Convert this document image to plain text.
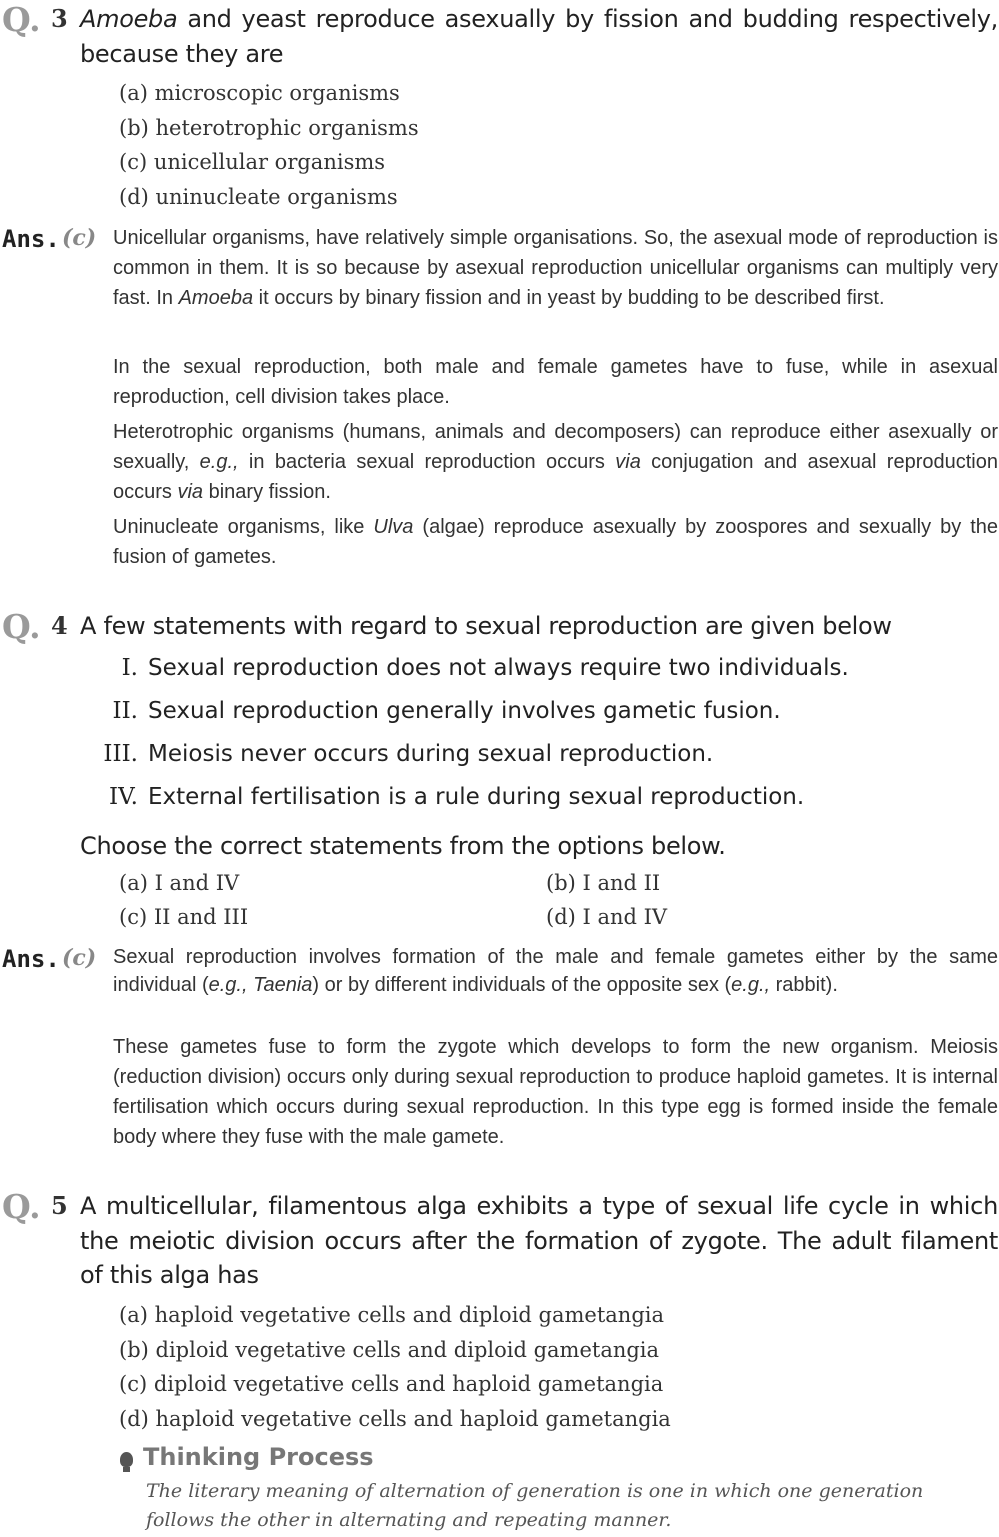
Q. 3 Amoeba and yeast reproduce asexually by fission and budding respectively, because they are
(a) microscopic organisms
(b) heterotrophic organisms
(c) unicellular organisms
(d) uninucleate organisms
Ans. (c) Unicellular organisms, have relatively simple organisations. So, the asexual mode of reproduction is common in them. It is so because by asexual reproduction unicellular organisms can multiply very fast. In Amoeba it occurs by binary fission and in yeast by budding to be described first.
In the sexual reproduction, both male and female gametes have to fuse, while in asexual reproduction, cell division takes place.
Heterotrophic organisms (humans, animals and decomposers) can reproduce either asexually or sexually, e.g., in bacteria sexual reproduction occurs via conjugation and asexual reproduction occurs via binary fission.
Uninucleate organisms, like Ulva (algae) reproduce asexually by zoospores and sexually by the fusion of gametes.
Q. 4 A few statements with regard to sexual reproduction are given below
I. Sexual reproduction does not always require two individuals.
II. Sexual reproduction generally involves gametic fusion.
III. Meiosis never occurs during sexual reproduction.
IV. External fertilisation is a rule during sexual reproduction.
Choose the correct statements from the options below.
(a) I and IV	(b) I and II
(c) II and III	(d) I and IV
Ans. (c) Sexual reproduction involves formation of the male and female gametes either by the same individual (e.g., Taenia) or by different individuals of the opposite sex (e.g., rabbit).
These gametes fuse to form the zygote which develops to form the new organism. Meiosis (reduction division) occurs only during sexual reproduction to produce haploid gametes. It is internal fertilisation which occurs during sexual reproduction. In this type egg is formed inside the female body where they fuse with the male gamete.
Q. 5 A multicellular, filamentous alga exhibits a type of sexual life cycle in which the meiotic division occurs after the formation of zygote. The adult filament of this alga has
(a) haploid vegetative cells and diploid gametangia
(b) diploid vegetative cells and diploid gametangia
(c) diploid vegetative cells and haploid gametangia
(d) haploid vegetative cells and haploid gametangia
Thinking Process
The literary meaning of alternation of generation is one in which one generation follows the other in alternating and repeating manner.
